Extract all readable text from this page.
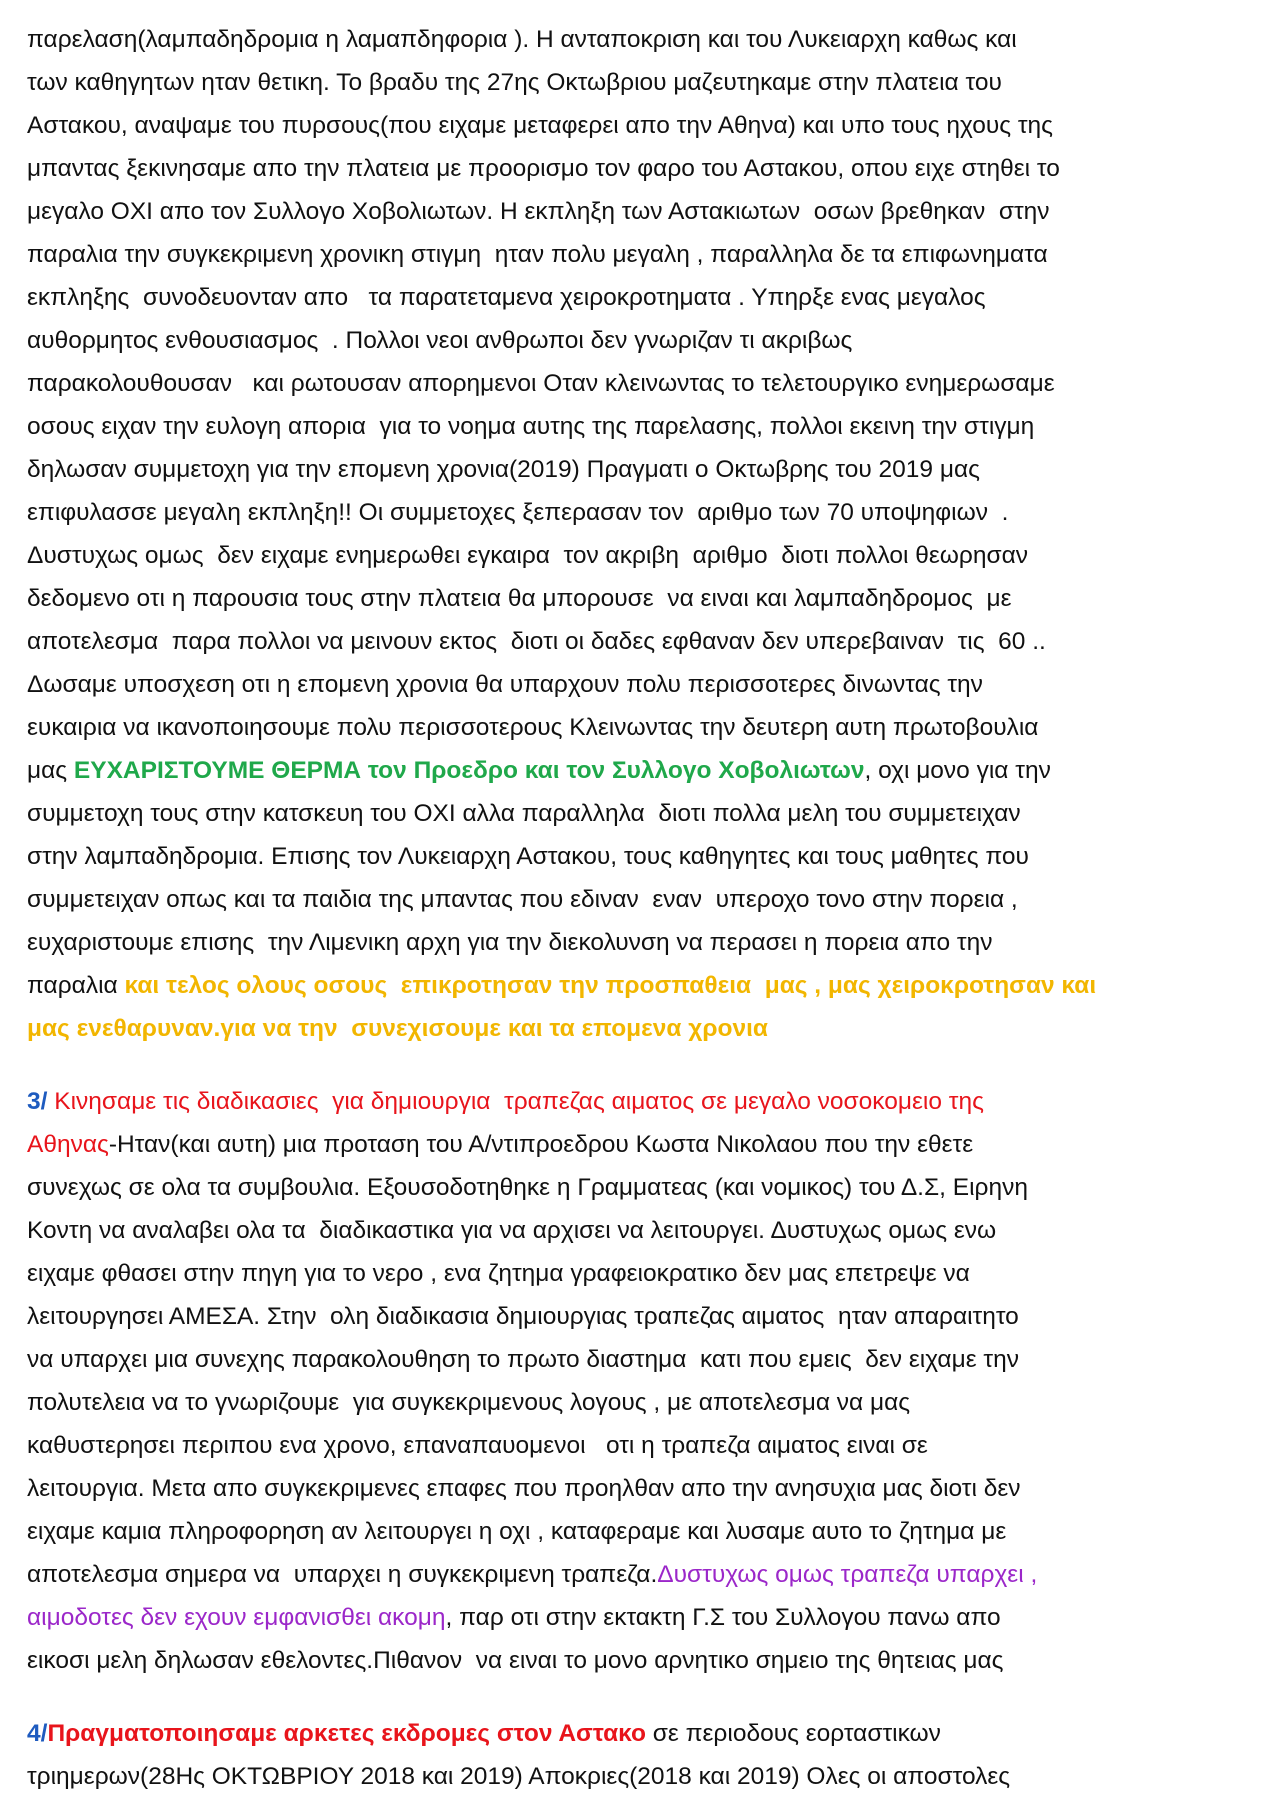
παρελαση(λαμπαδηδρομια η λαμαπδηφορια ). Η ανταποκριση και του Λυκειαρχη καθως και
των καθηγητων ηταν θετικη. Το βραδυ της 27ης Οκτωβριου μαζευτηκαμε στην πλατεια του
Αστακου, αναψαμε του πυρσους(που ειχαμε μεταφερει απο την Αθηνα) και υπο τους ηχους της
μπαντας ξεκινησαμε απο την πλατεια με προορισμο τον φαρο του Αστακου, οπου ειχε στηθει το
μεγαλο ΟΧΙ απο τον Συλλογο Χοβολιωτων. Η εκπληξη των Αστακιωτων  οσων βρεθηκαν  στην
παραλια την συγκεκριμενη χρονικη στιγμη  ηταν πολυ μεγαλη , παραλληλα δε τα επιφωνηματα
εκπληξης  συνοδευονταν απο   τα παρατεταμενα χειροκροτηματα . Υπηρξε ενας μεγαλος
αυθορμητος ενθουσιασμος  . Πολλοι νεοι ανθρωποι δεν γνωριζαν τι ακριβως
παρακολουθουσαν   και ρωτουσαν απορημενοι Οταν κλεινωντας το τελετουργικο ενημερωσαμε
οσους ειχαν την ευλογη απορια  για το νοημα αυτης της παρελασης, πολλοι εκεινη την στιγμη
δηλωσαν συμμετοχη για την επομενη χρονια(2019) Πραγματι ο Οκτωβρης του 2019 μας
επιφυλασσε μεγαλη εκπληξη!! Οι συμμετοχες ξεπερασαν τον  αριθμο των 70 υποψηφιων  .
Δυστυχως ομως  δεν ειχαμε ενημερωθει εγκαιρα  τον ακριβη  αριθμο  διοτι πολλοι θεωρησαν
δεδομενο οτι η παρουσια τους στην πλατεια θα μπορουσε  να ειναι και λαμπαδηδρομος  με
αποτελεσμα  παρα πολλοι να μεινουν εκτος  διοτι οι δαδες εφθαναν δεν υπερεβαιναν  τις  60 ..
Δωσαμε υποσχεση οτι η επομενη χρονια θα υπαρχουν πολυ περισσοτερες δινωντας την
ευκαιρια να ικανοποιησουμε πολυ περισσοτερους Κλεινωντας την δευτερη αυτη πρωτοβουλια
μας ΕΥΧΑΡΙΣΤΟΥΜΕ ΘΕΡΜΑ τον Προεδρο και τον Συλλογο Χοβολιωτων, οχι μονο για την
συμμετοχη τους στην κατσκευη του ΟΧΙ αλλα παραλληλα  διοτι πολλα μελη του συμμετειχαν
στην λαμπαδηδρομια. Επισης τον Λυκειαρχη Αστακου, τους καθηγητες και τους μαθητες που
συμμετειχαν οπως και τα παιδια της μπαντας που εδιναν  εναν  υπεροχο τονο στην πορεια ,
ευχαριστουμε επισης  την Λιμενικη αρχη για την διεκολυνση να περασει η πορεια απο την
παραλια και τελος ολους οσους  επικροτησαν την προσπαθεια  μας , μας χειροκροτησαν και
μας ενεθαρυναν.για να την  συνεχισουμε και τα επομενα χρονια
3/ Κινησαμε τις διαδικασιες  για δημιουργια  τραπεζας αιματος σε μεγαλο νοσοκομειο της
Αθηνας-Ηταν(και αυτη) μια προταση του Α/ντιπροεδρου Κωστα Νικολαου που την εθετε
συνεχως σε ολα τα συμβουλια. Εξουσοδοτηθηκε η Γραμματεας (και νομικος) του Δ.Σ, Ειρηνη
Κοντη να αναλαβει ολα τα  διαδικαστικα για να αρχισει να λειτουργει. Δυστυχως ομως ενω
ειχαμε φθασει στην πηγη για το νερο , ενα ζητημα γραφειοκρατικο δεν μας επετρεψε να
λειτουργησει ΑΜΕΣΑ. Στην  ολη διαδικασια δημιουργιας τραπεζας αιματος  ηταν απαραιτητο
να υπαρχει μια συνεχης παρακολουθηση το πρωτο διαστημα  κατι που εμεις  δεν ειχαμε την
πολυτελεια να το γνωριζουμε  για συγκεκριμενους λογους , με αποτελεσμα να μας
καθυστερησει περιπου ενα χρονο, επαναπαυομενοι   οτι η τραπεζα αιματος ειναι σε
λειτουργια. Μετα απο συγκεκριμενες επαφες που προηλθαν απο την ανησυχια μας διοτι δεν
ειχαμε καμια πληροφορηση αν λειτουργει η οχι , καταφεραμε και λυσαμε αυτο το ζητημα με
αποτελεσμα σημερα να  υπαρχει η συγκεκριμενη τραπεζα.Δυστυχως ομως τραπεζα υπαρχει ,
αιμοδοτες δεν εχουν εμφανισθει ακομη, παρ οτι στην εκτακτη Γ.Σ του Συλλογου πανω απο
εικοσι μελη δηλωσαν εθελοντες.Πιθανον  να ειναι το μονο αρνητικο σημειο της θητειας μας
4/Πραγματοποιησαμε αρκετες εκδρομες στον Αστακο σε περιοδους εορταστικων
τριημερων(28Ης ΟΚΤΩΒΡΙΟΥ 2018 και 2019) Αποκριες(2018 και 2019) Ολες οι αποστολες
